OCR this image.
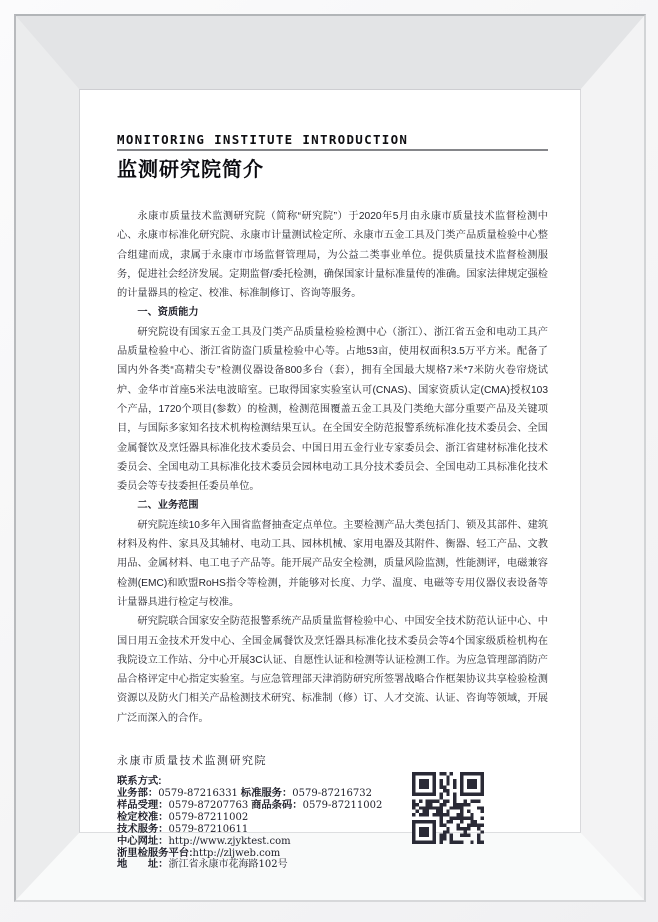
MONITORING INSTITUTE INTRODUCTION
监测研究院简介

永康市质量技术监测研究院（简称“研究院”）于2020年5月由永康市质量技术监督检测中心、永康市标准化研究院、永康市计量测试检定所、永康市五金工具及门类产品质量检验中心整合组建而成，隶属于永康市市场监督管理局，为公益二类事业单位。提供质量技术监督检测服务，促进社会经济发展。定期监督/委托检测，确保国家计量标准量传的准确。国家法律规定强检的计量器具的检定、校准、标准制修订、咨询等服务。

一、资质能力

研究院设有国家五金工具及门类产品质量检验检测中心（浙江）、浙江省五金和电动工具产品质量检验中心、浙江省防盗门质量检验中心等。占地53亩，使用权面积3.5万平方米。配备了国内外各类“高精尖专”检测仪器设备800多台（套），拥有全国最大规格7米*7米防火卷帘烧试炉、金华市首座5米法电波暗室。已取得国家实验室认可(CNAS)、国家资质认定(CMA)授权103个产品，1720个项目(参数）的检测，检测范围覆盖五金工具及门类绝大部分重要产品及关键项目，与国际多家知名技术机构检测结果互认。在全国安全防范报警系统标准化技术委员会、全国金属餐饮及烹饪器具标准化技术委员会、中国日用五金行业专家委员会、浙江省建材标准化技术委员会、全国电动工具标准化技术委员会园林电动工具分技术委员会、全国电动工具标准化技术委员会等专技委担任委员单位。

二、业务范围

研究院连续10多年入围省监督抽查定点单位。主要检测产品大类包括门、锁及其部件、建筑材料及构件、家具及其辅材、电动工具、园林机械、家用电器及其附件、衡器、轻工产品、文教用品、金属材料、电工电子产品等。能开展产品安全检测，质量风险监测，性能测评，电磁兼容检测(EMC)和欧盟RoHS指令等检测，并能够对长度、力学、温度、电磁等专用仪器仪表设备等计量器具进行检定与校准。

研究院联合国家安全防范报警系统产品质量监督检验中心、中国安全技术防范认证中心、中国日用五金技术开发中心、全国金属餐饮及烹饪器具标准化技术委员会等4个国家级质检机构在我院设立工作站、分中心开展3C认证、自愿性认证和检测等认证检测工作。为应急管理部消防产品合格评定中心指定实验室。与应急管理部天津消防研究所签署战略合作框架协议共享检验检测资源以及防火门相关产品检测技术研究、标准制（修）订、人才交流、认证、咨询等领域，开展广泛而深入的合作。

永康市质量技术监测研究院

联系方式:
业务部：0579-87216331 标准服务：0579-87216732
样品受理：0579-87207763 商品条码：0579-87211002
检定校准：0579-87211002
技术服务：0579-87210611
中心网址：http://www.zjyktest.com
浙里检服务平台:http://zljweb.com
地　　址：浙江省永康市花海路102号
